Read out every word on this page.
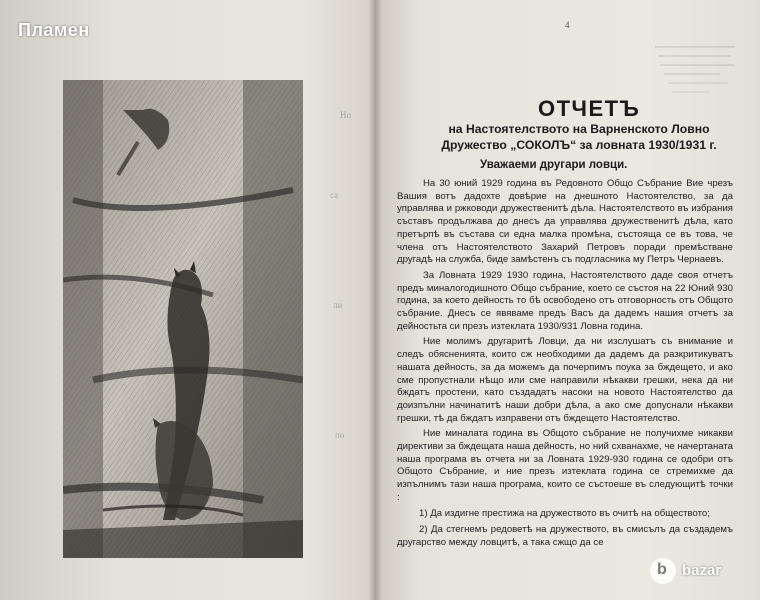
Но
са
ли
по
4
ОТЧЕТЪ
на Настоятелството на Варненското Ловно
Дружество „СОКОЛЪ“ за ловната 1930/1931 г.
Уважаеми другари ловци.

На 30 юний 1929 година въ Редовното Общо Събрание Вие чрезъ Вашия вотъ дадохте довѣрие на днешното Настоятелство, за да управлява и ржководи дружественитѣ дѣла. Настоятелството въ избрания съставъ продължава до днесъ да управлява дружественитѣ дѣла, като претърпѣ въ състава си една малка промѣна, състояща се въ това, че члена отъ Настоятелството Захарий Петровъ поради премѣстване другадѣ на служба, биде замѣстенъ съ подгласника му Петръ Чернаевъ.

За Ловната 1929 1930 година, Настоятелството даде своя отчетъ предъ миналогодишното Общо събрание, което се състоя на 22 Юний 930 година, за което дейность то бѣ освободено отъ отговорность отъ Общото събрание. Днесъ се явяваме предъ Васъ да дадемъ нашия отчетъ за дейностьта си презъ изтеклата 1930/931 Ловна година.

Ние молимъ другаритѣ Ловци, да ни изслушатъ съ внимание и следъ обясненията, които сж необходими да дадемъ да разкритикуватъ нашата дейность, за да можемъ да почерпимъ поука за бждещето, и ако сме пропустнали нѣщо или сме направили нѣкакви грешки, нека да ни бждатъ простени, като създадатъ насоки на новото Настоятелство да доизпълни начинатитѣ наши добри дѣла, а ако сме допуснали нѣкакви грешки, тѣ да бждатъ изправени отъ бждещето Настоятелство.

Ние миналата година въ Общото събрание не получихме никакви директиви за бждещата наша дейность, но ний схванахме, че начертаната наша програма въ отчета ни за Ловната 1929-930 година се одобри отъ Общото Събрание, и ние презъ изтеклата година се стремихме да изпълнимъ тази наша програма, които се състоеше въ следующитѣ точки :

1) Да издигне престижа на дружеството въ очитѣ на обществото;

2) Да стегнемъ редоветѣ на дружеството, въ смисълъ да създадемъ другарство между ловцитѣ, а така сжщо да се

Пламен
b bazar
